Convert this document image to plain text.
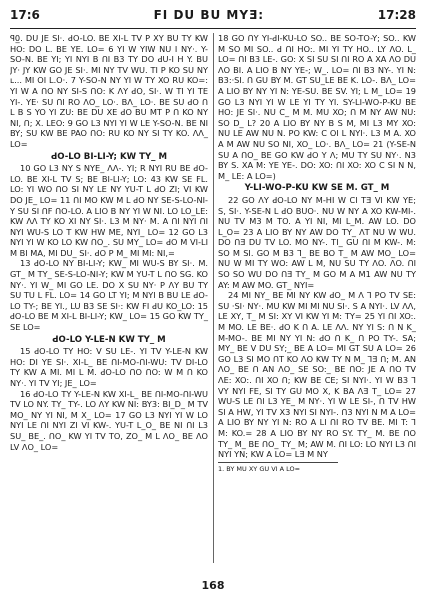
17:6	FI DU BU MYƎ:	17:28

ꟼ0̲. DU JE SI·. ꓒO-LO. BE XI-L TV P XY BU TY KW HO: DO L. BE YE. LO= 6 YI W YIW NU I NY·. Y-SO-N. BE YI; YI NYI B ꓵI B3 TY DO ꓒU-I H Y. BU JY· JY KW GO JE SI·. MI NY TV WU. TI P KO SU NY ʟ... MI OI L.O·. 7 Y-SO-N NY YI W TY XO RU KO=: YI W A ꓵO NY SI-S ꓵO: K ꓥY ꓒO, SI·. W TI YI TE YI-. YE· SU ꓵI RO ꓥO_ LO·. Bꓥ_ LO·. BE SU ꓒO ꓵ L B ꓢ YO YI ZU: BE DU XE ꓒO BU MT P ꓵ KO NY NI, ꓵ; X. LEO: 9 GO L3 NYI YI W LE Y-SO-N. BE NI BY; SU KW BE PAO ꓵO: RU KO NY SI TY KO. ꓥꓥ_ LO=

ꓒO-LO BI-LI-Y; KW TY_ M

10 GO L3 NY S NYE_ ꓥꓥ-. YI; R NYI RU BE ꓒO-LO. BE XI-L TV ꓢ; BE BI-LI-Y; LO: 43 KW ꓢE FL. LO: YI WO ꓵO SI NY LE NY YU-T L ꓒO ZI; VI KW DO JE_ LO= 11 ꓵI MO KW M L ꓒO NY ꓢE-S-LO-NI-Y SU SI ꓵF ꓵO-LO. A LIO B NY YI W NI. LO LO_LE: KW ꓥꓥ TY KO XI NY SI·. L3 M NY· M. A ꓵI NYI ꓵI NYI WU-S LO T KW HW ME, NYI_ LO= 12 GO L3 NYI YI W KO LO KW ꓵO_. SU MY_ LO= ꓒO M VI-LI M BI MA, MI DU_ SI·. ꓒO P M_ MI MI: NI,=

13 ꓒO-LO NY BI-LI-Y; KW_ MI WU-S BY SI·. M. GT_ M TY_ ꓢE-S-LO-NI-Y; KW M YU-T L ꓵO SG. KO NY·. YI W_ MI GO LE. DO X SU NY· P ꓥY BU TY SU TU L FL. LO= 14 GO LT YI; M NYI B BU LE ꓒO-LO TY-; BE YI., LU B3 ꓢE SI·: KW FI ꓒU KO_LO: 15 ꓒO-LO BE M XI-L BI-LI-Y; KW_ LO= 15 GO KW TY_ SE LO=

ꓒO-LO Y-LE-N KW TY_ M

15 ꓒO-LO TY HO: V SU LE-. YI TV Y-LE-N KW HO: DI YE SI·. XI-L_ BE ꓵI-MO-ꓵI-WU: TV DI-LO TY KW A MI. MI L M. ꓒO-LO ꓵO ꓵO: W M ꓵ KO NY·. YI TV YI; JE_ LO=

16 ꓒO-LO TY Y-LE-N KW XI-L_ BE ꓵI-MO-ꓵI-WU TV LO NY. TY_ TY-. LO ꓥY KW NI: BY3: BI_D_ M TV MO_ NY YI NI, M X_ LO= 17 GO L3 NYI YI W LO NYI LE ꓵI NYI ZI VI KW-. YU-T L_O_ BE NI ꓵI L3 SU_ BE_. ꓵO_ KW YI TV TO, ZO_ M L ꓥO_ BE ꓥO LV ꓥO_ LO=

18 GO ꓵY YI-ꓒI-KU-LO SO.. BE SO-TO-Y; SO.. KW M SO MI SO.. ꓒ ꓵI HO:. MI YI TY HO.. LY ꓥO. L_ LO= ꓵI B3 LE-. GO: X ꓢI SU SI ꓵI RO A XA ꓥO DU ꓥO BI. A LIO B NY YE-; W_. LO= ꓵI B3 NY-. YI N: B3:·ꓢI. ꓵ GU BY M. GT SU_LE BE K. LO-. Bꓥ_ LO= A LIO BY NY YI N: YE-SU. BE SV. YI; L M_ LO= 19 GO L3 NYI YI W LE YI TY YI. SY-LI-WO-P-KU BE HO: JE SI·. NU C_ M M. MU XO; ꓵ M NY AW NU: SO D_ L? 20 A LIO BY NY B ꓢ M, MI L3 MY XO: NU LE AW NU N. PO KW: C OI L NYI·. L3 M A. XO A M AW NU SO NI, XO_ LO·. Bꓥ_ LO= 21 (Y-ꓢE-N SU A ꓵO_ BE GO KW ꓒO Y ꓥ; MU TY SU NY·. N3 BY ꓢ. XA M: YE YE-. DO: XO: ꓵI XO: XO C SI N N, M_ LE: A LO=)

Y-LI-WO-P-KU KW ꓢE M. GT_ M

22 GO ꓥY ꓒO-LO NY M-HI W CI TƎ VI KW YE; ꓢ, SI·. Y-ꓢE-N L ꓒO BUO·. NU W NY A XO KW-MI-. NU TV M3 M TO. A YI NI, MI L_M. AW LO. DO L_O= 23 A LIO BY NY AW DO TY_ ꓥT NU W WU. DO ꓵƎ DU TV LO. MO NY-. TI_ GU ꓵI M KW-. M: SO M SI. GO M B3 ꓶ_ BE BO T_ M AW MO_ LO= NU W MI TY WO: AW L M, NU SU TY ꓥO. ꓥO. ꓵI SO SO WU DO ꓵƎ TY_ M GO M A M1 AW NU TY AY: M AW MO. GT_ NYI=

24 MI NY_ BE MI NY KW ꓒO_ M ꓥ ꓶ PO TV ꓢE: SU ·SI· NY·. MU KW MI MI NU SI·. ꓢ A NYI·. LV ꓥꓥ, LE XY, T_ M SI: XY VI KW YI M: TY= 25 YI ꓵI XO:. M MO. LE BE·. ꓒO K ꓵ A. LE ꓥꓥ. NY YI ꓢ: ꓵ N K_ M-MO-. BE MI NY YI N: ꓒO ꓵ K_ ꓵ PO TY-. SA; MY_ BE V DU SY;_ BE A LO= MI GT SU A LO= 26 GO L3 SI MO ꓵT KO ꓥO KW TY N M_ ꓶƎ ꓵ; M. AN ꓥO_ BE ꓵ AN ꓥO_ ꓢE SO:_ BE ꓵO: JE A ꓵO TV ꓥE: XO:. ꓵI XO ꓵ; KW BE CE; SI NYI·. YI W B3 ꓶ VY NYI FE, SI TY GU MO X, K BA ꓥƎ T_ LO= 27 WU-S LE ꓵI L3 YE_ M NY·. YI W LE SI-, ꓵ TV HW SI A HW, YI TV X3 NYI SI NYI-. ꓵ3 NYI N M A LO= A LIO BY NY YI N: RO A LI ꓵI RO TV BE. MI T: ꓶ M: KO.= 28 A LIO BY NY RO SY. TY_ M. BE ꓵO TY_ M_ BE ꓵO_ TY_ M; AW M. ꓵI LO: LO NYI L3 ꓵI NYI YN; KW A LO= LƎ M NY

1. BY MU XY GU VI A LO=
168
